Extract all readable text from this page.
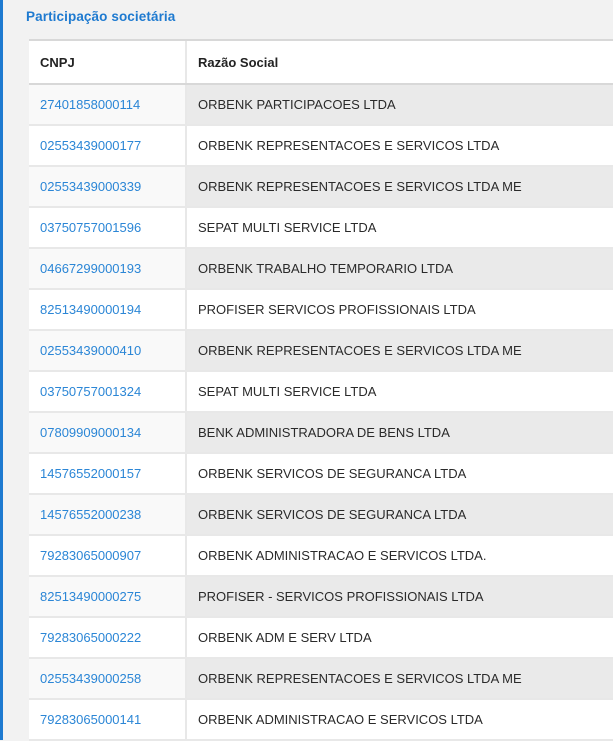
Participação societária
CNPJ	Razão Social
27401858000114	ORBENK PARTICIPACOES LTDA
02553439000177	ORBENK REPRESENTACOES E SERVICOS LTDA
02553439000339	ORBENK REPRESENTACOES E SERVICOS LTDA ME
03750757001596	SEPAT MULTI SERVICE LTDA
04667299000193	ORBENK TRABALHO TEMPORARIO LTDA
82513490000194	PROFISER SERVICOS PROFISSIONAIS LTDA
02553439000410	ORBENK REPRESENTACOES E SERVICOS LTDA ME
03750757001324	SEPAT MULTI SERVICE LTDA
07809909000134	BENK ADMINISTRADORA DE BENS LTDA
14576552000157	ORBENK SERVICOS DE SEGURANCA LTDA
14576552000238	ORBENK SERVICOS DE SEGURANCA LTDA
79283065000907	ORBENK ADMINISTRACAO E SERVICOS LTDA.
82513490000275	PROFISER - SERVICOS PROFISSIONAIS LTDA
79283065000222	ORBENK ADM E SERV LTDA
02553439000258	ORBENK REPRESENTACOES E SERVICOS LTDA ME
79283065000141	ORBENK ADMINISTRACAO E SERVICOS LTDA
